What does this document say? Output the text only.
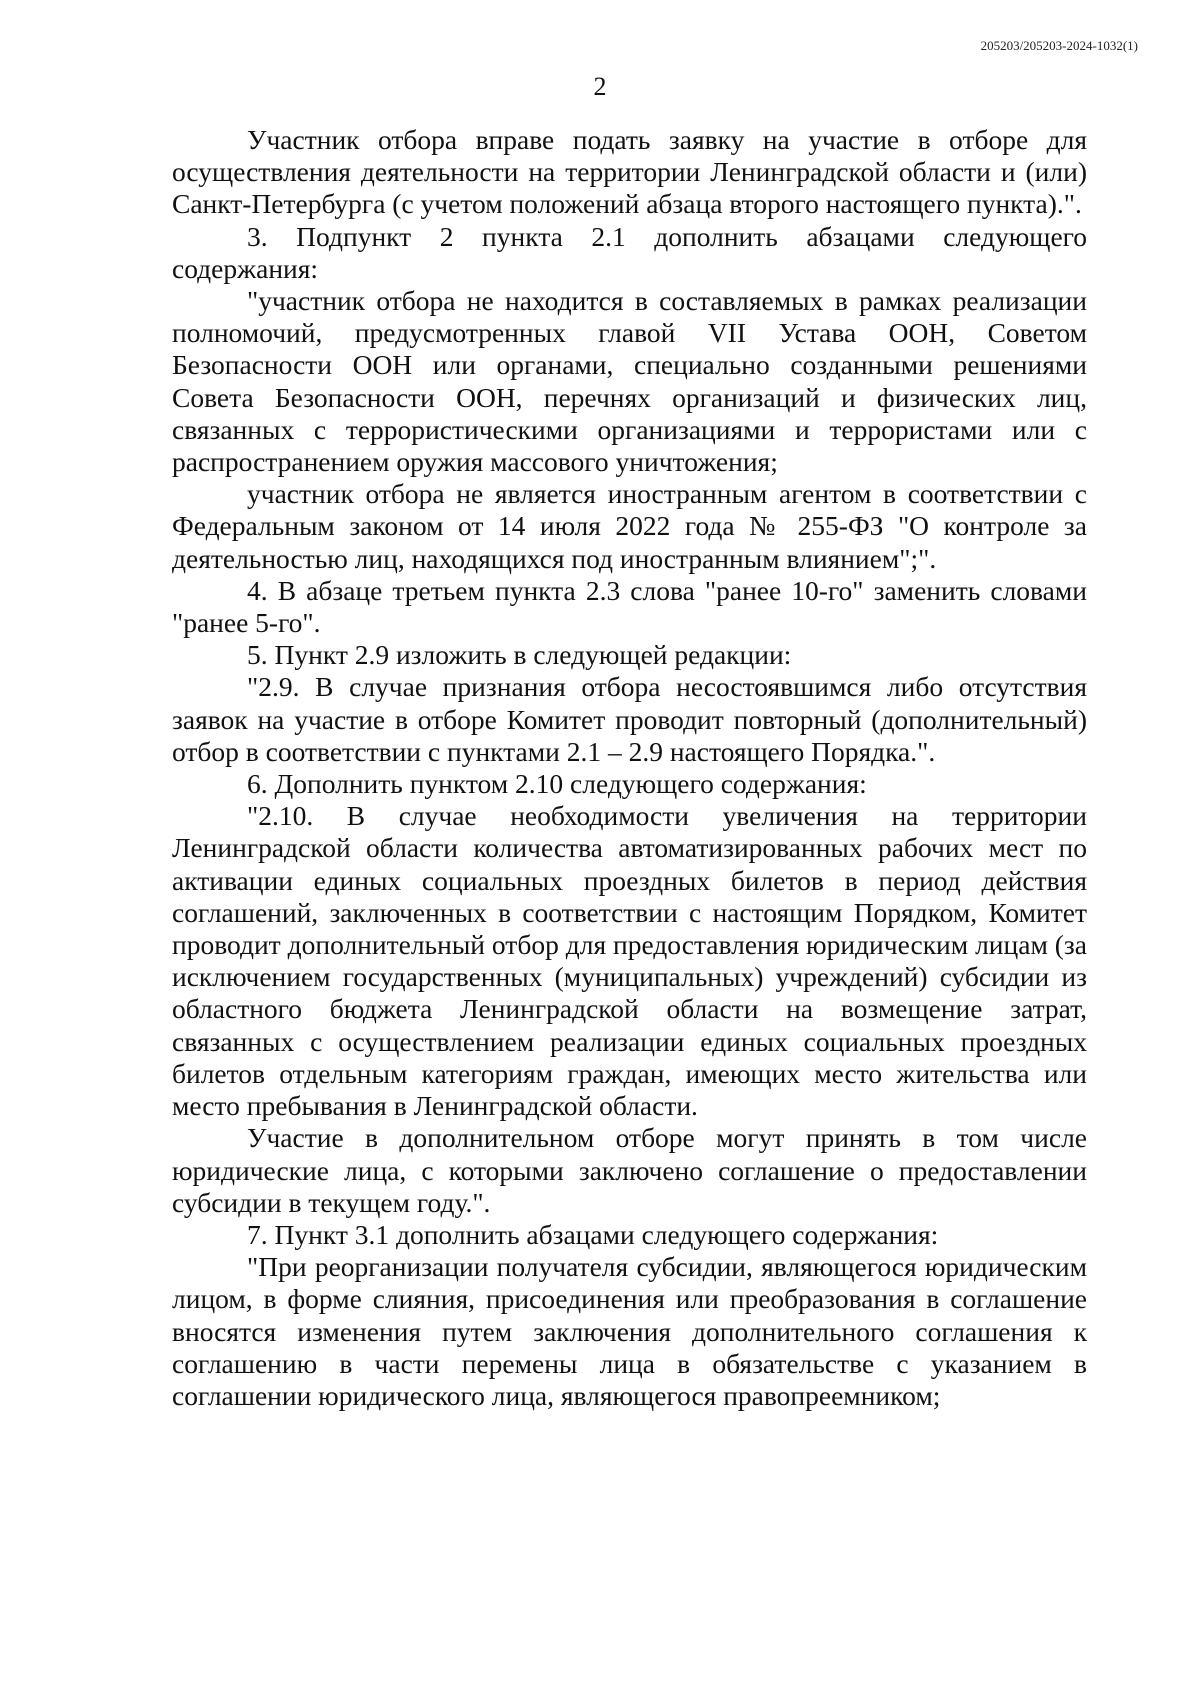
205203/205203-2024-1032(1)
2

Участник отбора вправе подать заявку на участие в отборе для осуществления деятельности на территории Ленинградской области и (или) Санкт-Петербурга (с учетом положений абзаца второго настоящего пункта).".

3. Подпункт 2 пункта 2.1 дополнить абзацами следующего содержания:

"участник отбора не находится в составляемых в рамках реализации полномочий, предусмотренных главой VII Устава ООН, Советом Безопасности ООН или органами, специально созданными решениями Совета Безопасности ООН, перечнях организаций и физических лиц, связанных с террористическими организациями и террористами или с распространением оружия массового уничтожения;

участник отбора не является иностранным агентом в соответствии с Федеральным законом от 14 июля 2022 года № 255-ФЗ "О контроле за деятельностью лиц, находящихся под иностранным влиянием";".

4. В абзаце третьем пункта 2.3 слова "ранее 10-го" заменить словами "ранее 5-го".

5. Пункт 2.9 изложить в следующей редакции:

"2.9. В случае признания отбора несостоявшимся либо отсутствия заявок на участие в отборе Комитет проводит повторный (дополнительный) отбор в соответствии с пунктами 2.1 – 2.9 настоящего Порядка.".

6. Дополнить пунктом 2.10 следующего содержания:

"2.10. В случае необходимости увеличения на территории Ленинградской области количества автоматизированных рабочих мест по активации единых социальных проездных билетов в период действия соглашений, заключенных в соответствии с настоящим Порядком, Комитет проводит дополнительный отбор для предоставления юридическим лицам (за исключением государственных (муниципальных) учреждений) субсидии из областного бюджета Ленинградской области на возмещение затрат, связанных с осуществлением реализации единых социальных проездных билетов отдельным категориям граждан, имеющих место жительства или место пребывания в Ленинградской области.

Участие в дополнительном отборе могут принять в том числе юридические лица, с которыми заключено соглашение о предоставлении субсидии в текущем году.".

7. Пункт 3.1 дополнить абзацами следующего содержания:

"При реорганизации получателя субсидии, являющегося юридическим лицом, в форме слияния, присоединения или преобразования в соглашение вносятся изменения путем заключения дополнительного соглашения к соглашению в части перемены лица в обязательстве с указанием в соглашении юридического лица, являющегося правопреемником;
